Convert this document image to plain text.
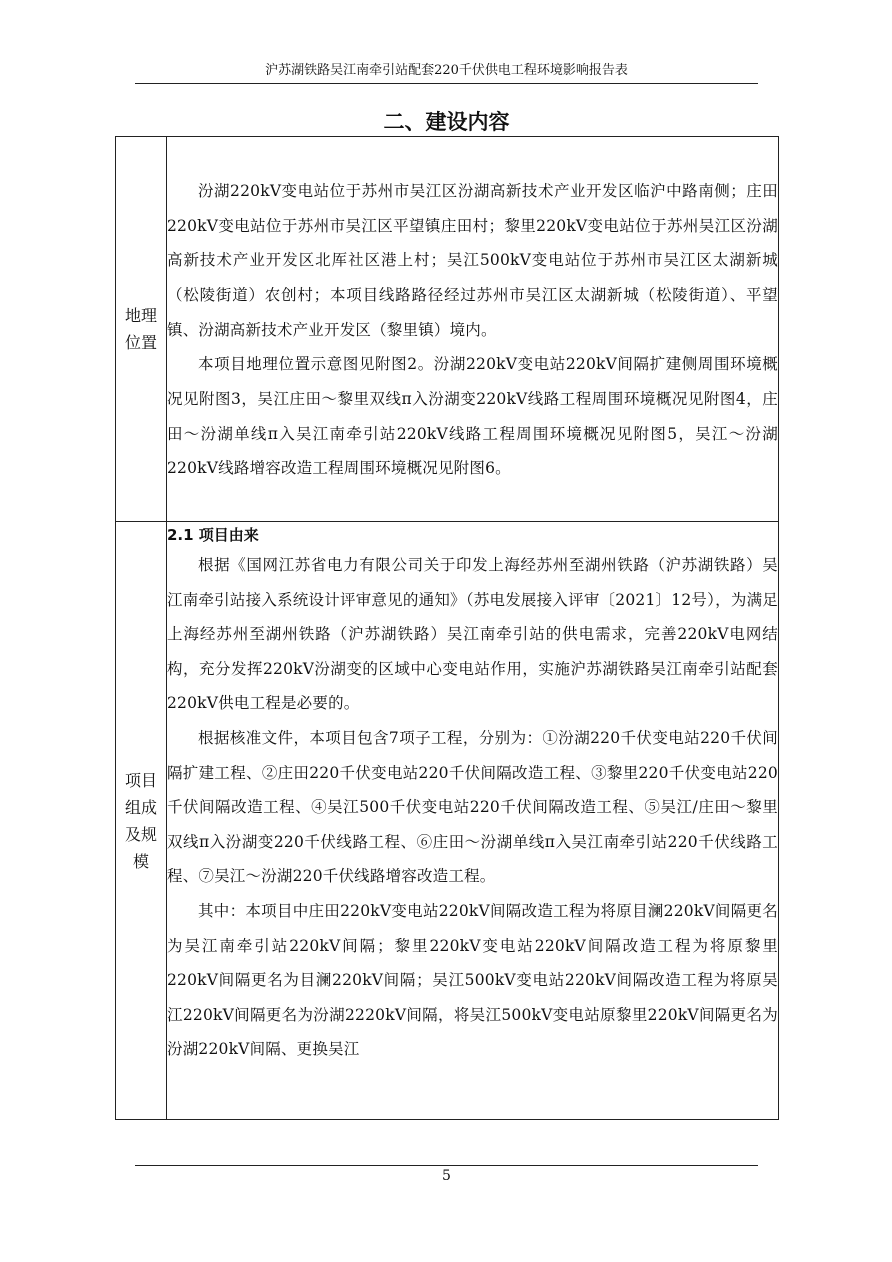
沪苏湖铁路吴江南牵引站配套220千伏供电工程环境影响报告表
二、建设内容
地理位置	汾湖220kV变电站位于苏州市吴江区汾湖高新技术产业开发区临沪中路南侧；庄田220kV变电站位于苏州市吴江区平望镇庄田村；黎里220kV变电站位于苏州吴江区汾湖高新技术产业开发区北厍社区港上村；吴江500kV变电站位于苏州市吴江区太湖新城（松陵街道）农创村；本项目线路路径经过苏州市吴江区太湖新城（松陵街道）、平望镇、汾湖高新技术产业开发区（黎里镇）境内。

本项目地理位置示意图见附图2。汾湖220kV变电站220kV间隔扩建侧周围环境概况见附图3，吴江庄田～黎里双线π入汾湖变220kV线路工程周围环境概况见附图4，庄田～汾湖单线π入吴江南牵引站220kV线路工程周围环境概况见附图5，吴江～汾湖220kV线路增容改造工程周围环境概况见附图6。

项目组成及规模	2.1 项目由来

根据《国网江苏省电力有限公司关于印发上海经苏州至湖州铁路（沪苏湖铁路）吴江南牵引站接入系统设计评审意见的通知》（苏电发展接入评审〔2021〕12号），为满足上海经苏州至湖州铁路（沪苏湖铁路）吴江南牵引站的供电需求，完善220kV电网结构，充分发挥220kV汾湖变的区域中心变电站作用，实施沪苏湖铁路吴江南牵引站配套220kV供电工程是必要的。

根据核准文件，本项目包含7项子工程，分别为：①汾湖220千伏变电站220千伏间隔扩建工程、②庄田220千伏变电站220千伏间隔改造工程、③黎里220千伏变电站220千伏间隔改造工程、④吴江500千伏变电站220千伏间隔改造工程、⑤吴江/庄田～黎里双线π入汾湖变220千伏线路工程、⑥庄田～汾湖单线π入吴江南牵引站220千伏线路工程、⑦吴江～汾湖220千伏线路增容改造工程。

其中：本项目中庄田220kV变电站220kV间隔改造工程为将原目澜220kV间隔更名为吴江南牵引站220kV间隔；黎里220kV变电站220kV间隔改造工程为将原黎里220kV间隔更名为目澜220kV间隔；吴江500kV变电站220kV间隔改造工程为将原吴江220kV间隔更名为汾湖2220kV间隔，将吴江500kV变电站原黎里220kV间隔更名为汾湖220kV间隔、更换吴江

5
